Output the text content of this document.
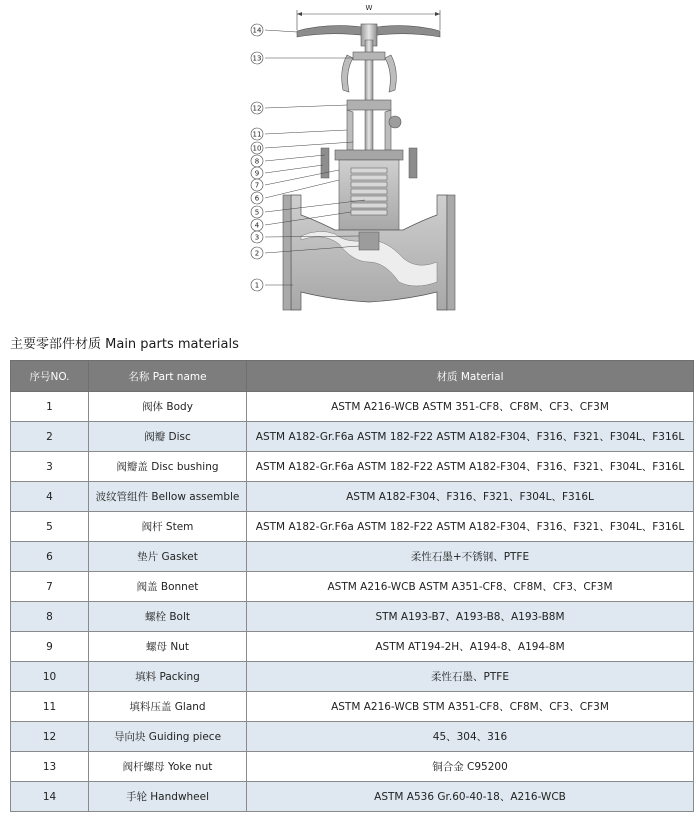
W
14
13
12
11
10
8
9
7
6
5
4
3
2
1
主要零部件材质 Main parts materials
序号NO.	名称 Part name	材质 Material
1	阀体 Body	ASTM A216-WCB ASTM 351-CF8、CF8M、CF3、CF3M
2	阀瓣 Disc	ASTM A182-Gr.F6a ASTM 182-F22 ASTM A182-F304、F316、F321、F304L、F316L
3	阀瓣盖 Disc bushing	ASTM A182-Gr.F6a ASTM 182-F22 ASTM A182-F304、F316、F321、F304L、F316L
4	波纹管组件 Bellow assemble	ASTM A182-F304、F316、F321、F304L、F316L
5	阀杆 Stem	ASTM A182-Gr.F6a ASTM 182-F22 ASTM A182-F304、F316、F321、F304L、F316L
6	垫片 Gasket	柔性石墨+不锈钢、PTFE
7	阀盖 Bonnet	ASTM A216-WCB ASTM A351-CF8、CF8M、CF3、CF3M
8	螺栓 Bolt	STM A193-B7、A193-B8、A193-B8M
9	螺母 Nut	ASTM AT194-2H、A194-8、A194-8M
10	填料 Packing	柔性石墨、PTFE
11	填料压盖 Gland	ASTM A216-WCB STM A351-CF8、CF8M、CF3、CF3M
12	导向块 Guiding piece	45、304、316
13	阀杆螺母 Yoke nut	铜合金 C95200
14	手轮 Handwheel	ASTM A536 Gr.60-40-18、A216-WCB
